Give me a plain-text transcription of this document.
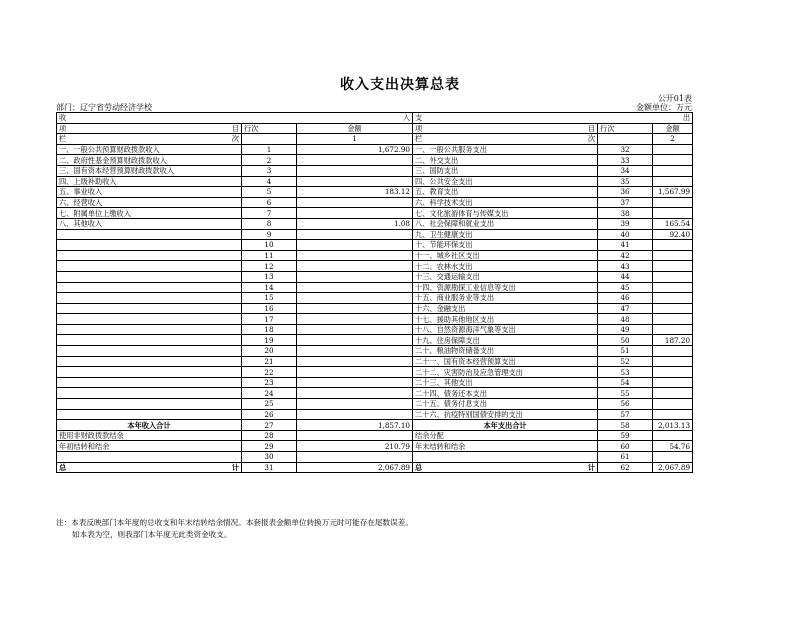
收入支出决算总表
公开01表
部门：辽宁省劳动经济学校	金额单位：万元
收 入			支 出		

项 目	行次	金额	项 目	行次	金额
栏 次		1	栏 次		2
一、一般公共预算财政拨款收入	1	1,672.90	一、一般公共服务支出	32	
二、政府性基金预算财政拨款收入	2		二、外交支出	33	
三、国有资本经营预算财政拨款收入	3		三、国防支出	34	
四、上级补助收入	4		四、公共安全支出	35	
五、事业收入	5	183.12	五、教育支出	36	1,567.99
六、经营收入	6		六、科学技术支出	37	
七、附属单位上缴收入	7		七、文化旅游体育与传媒支出	38	
八、其他收入	8	1.08	八、社会保障和就业支出	39	165.54
	9		九、卫生健康支出	40	92.40
	10		十、节能环保支出	41	
	11		十一、城乡社区支出	42	
	12		十二、农林水支出	43	
	13		十三、交通运输支出	44	
	14		十四、资源勘探工业信息等支出	45	
	15		十五、商业服务业等支出	46	
	16		十六、金融支出	47	
	17		十七、援助其他地区支出	48	
	18		十八、自然资源海洋气象等支出	49	
	19		十九、住房保障支出	50	187.20
	20		二十、粮油物资储备支出	51	
	21		二十一、国有资本经营预算支出	52	
	22		二十二、灾害防治及应急管理支出	53	
	23		二十三、其他支出	54	
	24		二十四、债务还本支出	55	
	25		二十五、债务付息支出	56	
	26		二十六、抗疫特别国债安排的支出	57	
本年收入合计	27	1,857.10	本年支出合计	58	2,013.13
使用非财政拨款结余	28		结余分配	59	
年初结转和结余	29	210.79	年末结转和结余	60	54.76
	30			61	
总 计	31	2,067.89	总 计	62	2,067.89
注：本表反映部门本年度的总收支和年末结转结余情况。本套报表金额单位转换万元时可能存在尾数误差。
如本表为空，则我部门本年度无此类资金收支。
